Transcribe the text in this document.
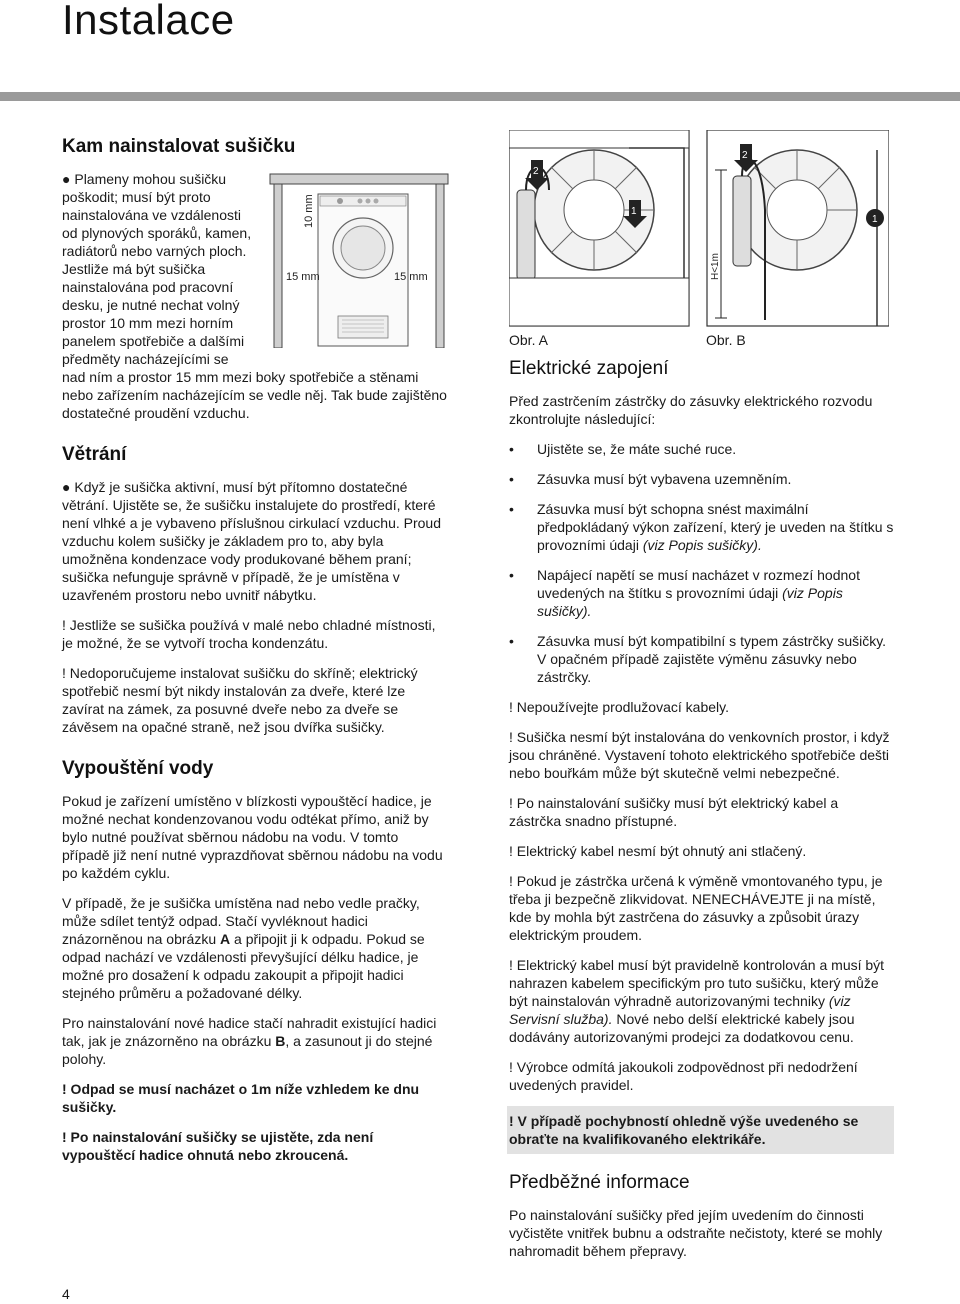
Instalace
Kam nainstalovat sušičku
10 mm
15 mm	15 mm

● Plameny mohou sušičku poškodit; musí být proto nainstalována ve vzdálenosti od plynových sporáků, kamen, radiátorů nebo varných ploch. Jestliže má být sušička nainstalována pod pracovní desku, je nutné nechat volný prostor 10 mm mezi horním panelem spotřebiče a dalšími předměty nacházejícími se nad ním a prostor 15 mm mezi boky spotřebiče a stěnami nebo zařízením nacházejícím se vedle něj. Tak bude zajištěno dostatečné proudění vzduchu.

Větrání

● Když je sušička aktivní, musí být přítomno dostatečné větrání. Ujistěte se, že sušičku instalujete do prostředí, které není vlhké a je vybaveno příslušnou cirkulací vzduchu. Proud vzduchu kolem sušičky je základem pro to, aby byla umožněna kondenzace vody produkované během praní; sušička nefunguje správně v případě, že je umístěna v uzavřeném prostoru nebo uvnitř nábytku.

! Jestliže se sušička používá v malé nebo chladné místnosti, je možné, že se vytvoří trocha kondenzátu.

! Nedoporučujeme instalovat sušičku do skříně; elektrický spotřebič nesmí být nikdy instalován za dveře, které lze zavírat na zámek, za posuvné dveře nebo za dveře se závěsem na opačné straně, než jsou dvířka sušičky.

Vypouštění vody

Pokud je zařízení umístěno v blízkosti vypouštěcí hadice, je možné nechat kondenzovanou vodu odtékat přímo, aniž by bylo nutné používat sběrnou nádobu na vodu. V tomto případě již není nutné vyprazdňovat sběrnou nádobu na vodu po každém cyklu.

V případě, že je sušička umístěna nad nebo vedle pračky, může sdílet tentýž odpad. Stačí vyvléknout hadici znázorněnou na obrázku A a připojit ji k odpadu. Pokud se odpad nachází ve vzdálenosti převyšující délku hadice, je možné pro dosažení k odpadu zakoupit a připojit hadici stejného průměru a požadované délky.

Pro nainstalování nové hadice stačí nahradit existující hadici tak, jak je znázorněno na obrázku B, a zasunout ji do stejné polohy.

! Odpad se musí nacházet o 1m níže vzhledem ke dnu sušičky.

! Po nainstalování sušičky se ujistěte, zda není vypouštěcí hadice ohnutá nebo zkroucená.

2
1
H<1m
2
1
Obr. A	Obr. B
Elektrické zapojení

Před zastrčením zástrčky do zásuvky elektrického rozvodu zkontrolujte následující:

•	Ujistěte se, že máte suché ruce.
•	Zásuvka musí být vybavena uzemněním.
•	Zásuvka musí být schopna snést maximální předpokládaný výkon zařízení, který je uveden na štítku s provozními údaji (viz Popis sušičky).
•	Napájecí napětí se musí nacházet v rozmezí hodnot uvedených na štítku s provozními údaji (viz Popis sušičky).
•	Zásuvka musí být kompatibilní s typem zástrčky sušičky. V opačném případě zajistěte výměnu zásuvky nebo zástrčky.

! Nepoužívejte prodlužovací kabely.

! Sušička nesmí být instalována do venkovních prostor, i když jsou chráněné. Vystavení tohoto elektrického spotřebiče dešti nebo bouřkám může být skutečně velmi nebezpečné.

! Po nainstalování sušičky musí být elektrický kabel a zástrčka snadno přístupné.

! Elektrický kabel nesmí být ohnutý ani stlačený.

! Pokud je zástrčka určená k výměně vmontovaného typu, je třeba ji bezpečně zlikvidovat. NENECHÁVEJTE ji na místě, kde by mohla být zastrčena do zásuvky a způsobit úrazy elektrickým proudem.

! Elektrický kabel musí být pravidelně kontrolován a musí být nahrazen kabelem specifickým pro tuto sušičku, který může být nainstalován výhradně autorizovanými techniky (viz Servisní služba). Nové nebo delší elektrické kabely jsou dodávány autorizovanými prodejci za dodatkovou cenu.

! Výrobce odmítá jakoukoli zodpovědnost při nedodržení uvedených pravidel.

! V případě pochybností ohledně výše uvedeného se obraťte na kvalifikovaného elektrikáře.
Předběžné informace

Po nainstalování sušičky před jejím uvedením do činnosti vyčistěte vnitřek bubnu a odstraňte nečistoty, které se mohly nahromadit během přepravy.

4
